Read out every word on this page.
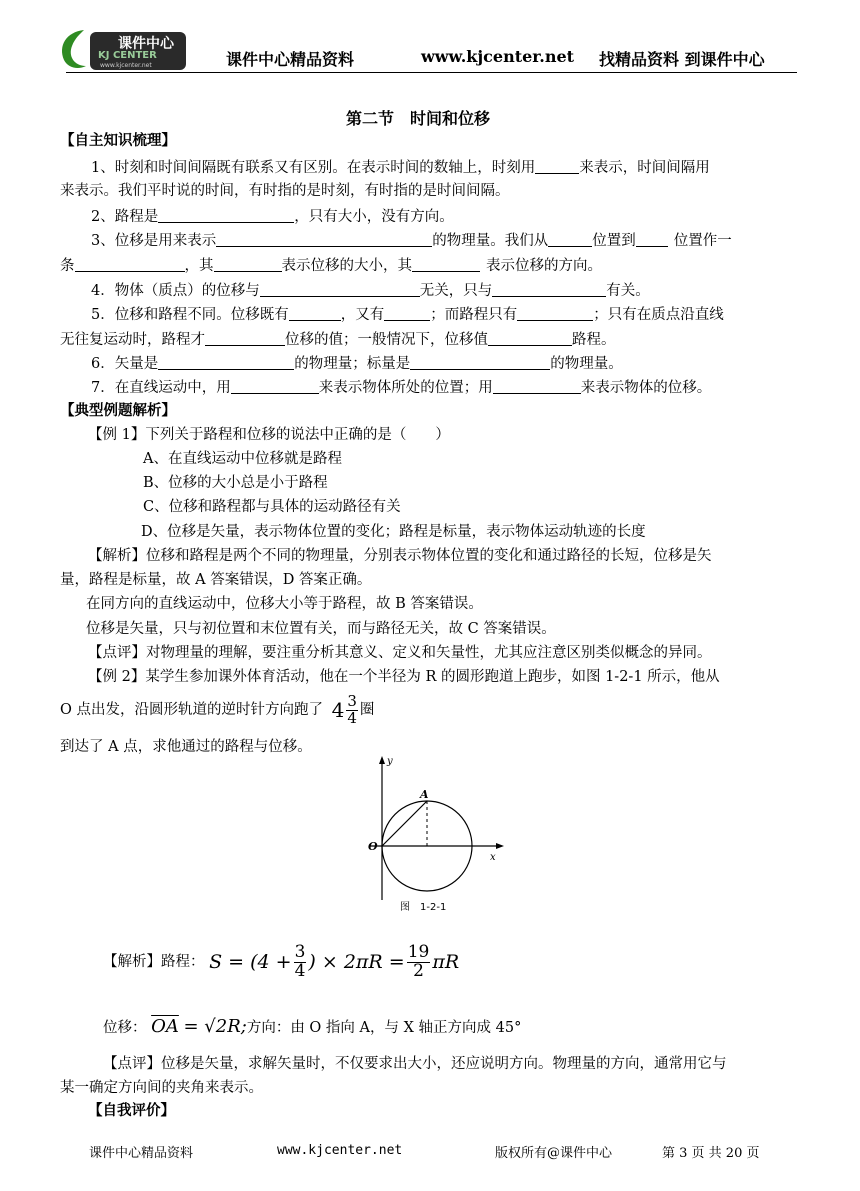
课件中心
KJ CENTER
www.kjcenter.net	课件中心精品资料	www.kjcenter.net 找精品资料 到课件中心
第二节　时间和位移
【自主知识梳理】
1、时刻和时间间隔既有联系又有区别。在表示时间的数轴上，时刻用	来表示，时间间隔用
来表示。我们平时说的时间，有时指的是时刻，有时指的是时间间隔。
2、路程是	，只有大小，没有方向。
3、位移是用来表示	的物理量。我们从	位置到	位置作一
条	，其	表示位移的大小，其	表示位移的方向。
4．物体（质点）的位移与	无关，只与	有关。
5．位移和路程不同。位移既有	，又有	；而路程只有	；只有在质点沿直线
无往复运动时，路程才	位移的值；一般情况下，位移值	路程。
6．矢量是	的物理量；标量是	的物理量。
7．在直线运动中，用	来表示物体所处的位置；用	来表示物体的位移。
【典型例题解析】
【例 1】下列关于路程和位移的说法中正确的是（　　）
A、在直线运动中位移就是路程
B、位移的大小总是小于路程
C、位移和路程都与具体的运动路径有关
D、位移是矢量，表示物体位置的变化；路程是标量，表示物体运动轨迹的长度
【解析】位移和路程是两个不同的物理量，分别表示物体位置的变化和通过路径的长短，位移是矢
量，路程是标量，故 A 答案错误，D 答案正确。
在同方向的直线运动中，位移大小等于路程，故 B 答案错误。
位移是矢量，只与初位置和末位置有关，而与路径无关，故 C 答案错误。
【点评】对物理量的理解，要注重分析其意义、定义和矢量性，尤其应注意区别类似概念的异同。
【例 2】某学生参加课外体育活动，他在一个半径为 R 的圆形跑道上跑步，如图 1-2-1 所示，他从
O 点出发，沿圆形轨道的逆时针方向跑了 $4 \frac{3}{4}$ 圈
到达了 A 点，求他通过的路程与位移。
y
x
O
A
图　1-2-1
【解析】路程： $S = (4 + \frac{3}{4}$ ) × $2\pi R = \frac{19}{2}$ πR
位移： $\overline{OA} = √2R$;方向：由 O 指向 A，与 X 轴正方向成 45°
【点评】位移是矢量，求解矢量时，不仅要求出大小，还应说明方向。物理量的方向，通常用它与
某一确定方向间的夹角来表示。
【自我评价】
课件中心精品资料	www.kjcenter.net	版权所有@课件中心	第 3 页 共 20 页
